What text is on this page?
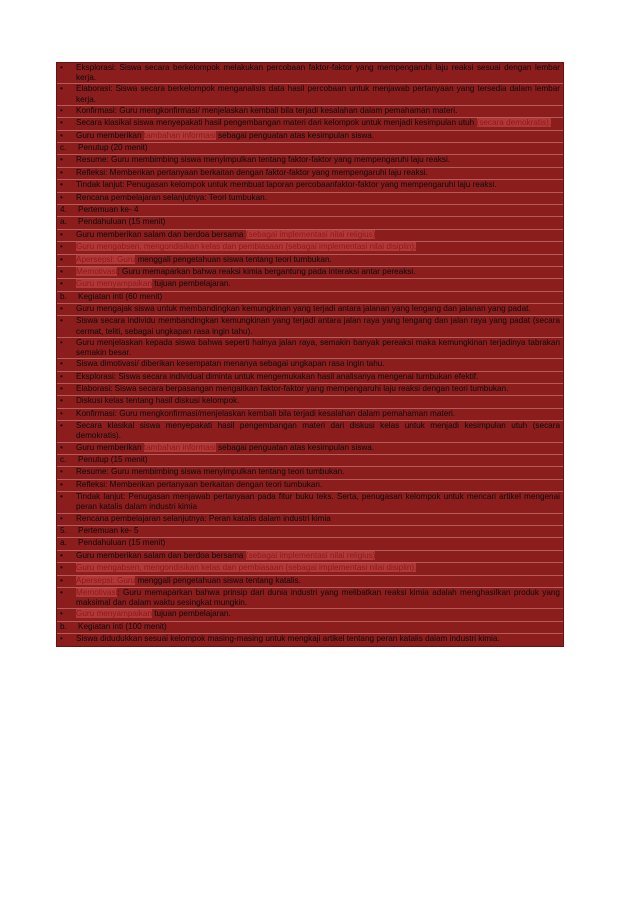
•	Eksplorasi: Siswa secara berkelompok melakukan percobaan faktor-faktor yang mempengaruhi laju reaksi sesuai dengan lembar kerja.
•	Elaborasi: Siswa secara berkelompok menganalisis data hasil percobaan untuk menjawab pertanyaan yang tersedia dalam lembar kerja.
•	Konfirmasi: Guru mengkonfirmasi/ menjelaskan kembali bila terjadi kesalahan dalam pemahaman materi.
•	Secara klasikal siswa menyepakati hasil pengembangan materi dari kelompok untuk menjadi kesimpulan utuh (secara demokratis).
•	Guru memberikan tambahan informasi sebagai penguatan atas kesimpulan siswa.
c.	Penutup (20 menit)
•	Resume: Guru membimbing siswa menyimpulkan tentang faktor-faktor yang mempengaruhi laju reaksi.
•	Refleksi: Memberikan pertanyaan berkaitan dengan faktor-faktor yang mempengaruhi laju reaksi.
•	Tindak lanjut: Penugasan kelompok untuk membuat laporan percobaanfaktor-faktor yang mempengaruhi laju reaksi.
•	Rencana pembelajaran selanjutnya: Teori tumbukan.
4.	Pertemuan ke- 4
a.	Pendahuluan (15 menit)
•	Guru memberikan salam dan berdoa bersama (sebagai implementasi nilai religius)
•	Guru mengabsen, mengondisikan kelas dan pembiasaan (sebagai implementasi nilai disiplin).
•	Apersepsi: Guru menggali pengetahuan siswa tentang teori tumbukan.
•	Memotivasi: Guru memaparkan bahwa reaksi kimia bergantung pada interaksi antar pereaksi.
•	Guru menyampaikan tujuan pembelajaran.
b.	Kegiatan inti (60 menit)
•	Guru mengajak siswa untuk membandingkan kemungkinan yang terjadi antara jalanan yang lengang dan jalanan yang padat.
•	Siswa secara individu membandingkan kemungkinan yang terjadi antara jalan raya yang lengang dan jalan raya yang padat (secara cermat, teliti, sebagai ungkapan rasa ingin tahu).
•	Guru menjelaskan kepada siswa bahwa seperti halnya jalan raya, semakin banyak pereaksi maka kemungkinan terjadinya tabrakan semakin besar.
•	Siswa dimotivasi/ diberikan kesempatan menanya sebagai ungkapan rasa ingin tahu.
•	Eksplorasi: Siswa secara individual diminta untuk mengemukakan hasil analisanya mengenai tumbukan efektif.
•	Elaborasi: Siswa secara berpasangan mengaitkan faktor-faktor yang mempengaruhi laju reaksi dengan teori tumbukan.
•	Diskusi kelas tentang hasil diskusi kelompok.
•	Konfirmasi: Guru mengkonfirmasi/menjelaskan kembali bila terjadi kesalahan dalam pemahaman materi.
•	Secara klasikal siswa menyepakati hasil pengembangan materi dari diskusi kelas untuk menjadi kesimpulan utuh (secara demokratis).
•	Guru memberikan tambahan informasi sebagai penguatan atas kesimpulan siswa.
c.	Penutup (15 menit)
•	Resume: Guru membimbing siswa menyimpulkan tentang teori tumbukan.
•	Refleksi: Memberikan pertanyaan berkaitan dengan teori tumbukan.
•	Tindak lanjut: Penugasan menjawab pertanyaan pada fitur buku teks. Serta, penugasan kelompok untuk mencari artikel mengenai peran katalis dalam industri kimia
•	Rencana pembelajaran selanjutnya: Peran katalis dalam industri kimia
5.	Pertemuan ke- 5
a.	Pendahuluan (15 menit)
•	Guru memberikan salam dan berdoa bersama (sebagai implementasi nilai religius)
•	Guru mengabsen, mengondisikan kelas dan pembiasaan (sebagai implementasi nilai disiplin).
•	Apersepsi: Guru menggali pengetahuan siswa tentang katalis.
•	Memotivasi: Guru memaparkan bahwa prinsip dari dunia industri yang melibatkan reaksi kimia adalah menghasilkan produk yang maksimal dan dalam waktu sesingkat mungkin.
•	Guru menyampaikan tujuan pembelajaran.
b.	Kegiatan inti (100 menit)
•	Siswa didudukkan sesuai kelompok masing-masing untuk mengkaji artikel tentang peran katalis dalam industri kimia.
